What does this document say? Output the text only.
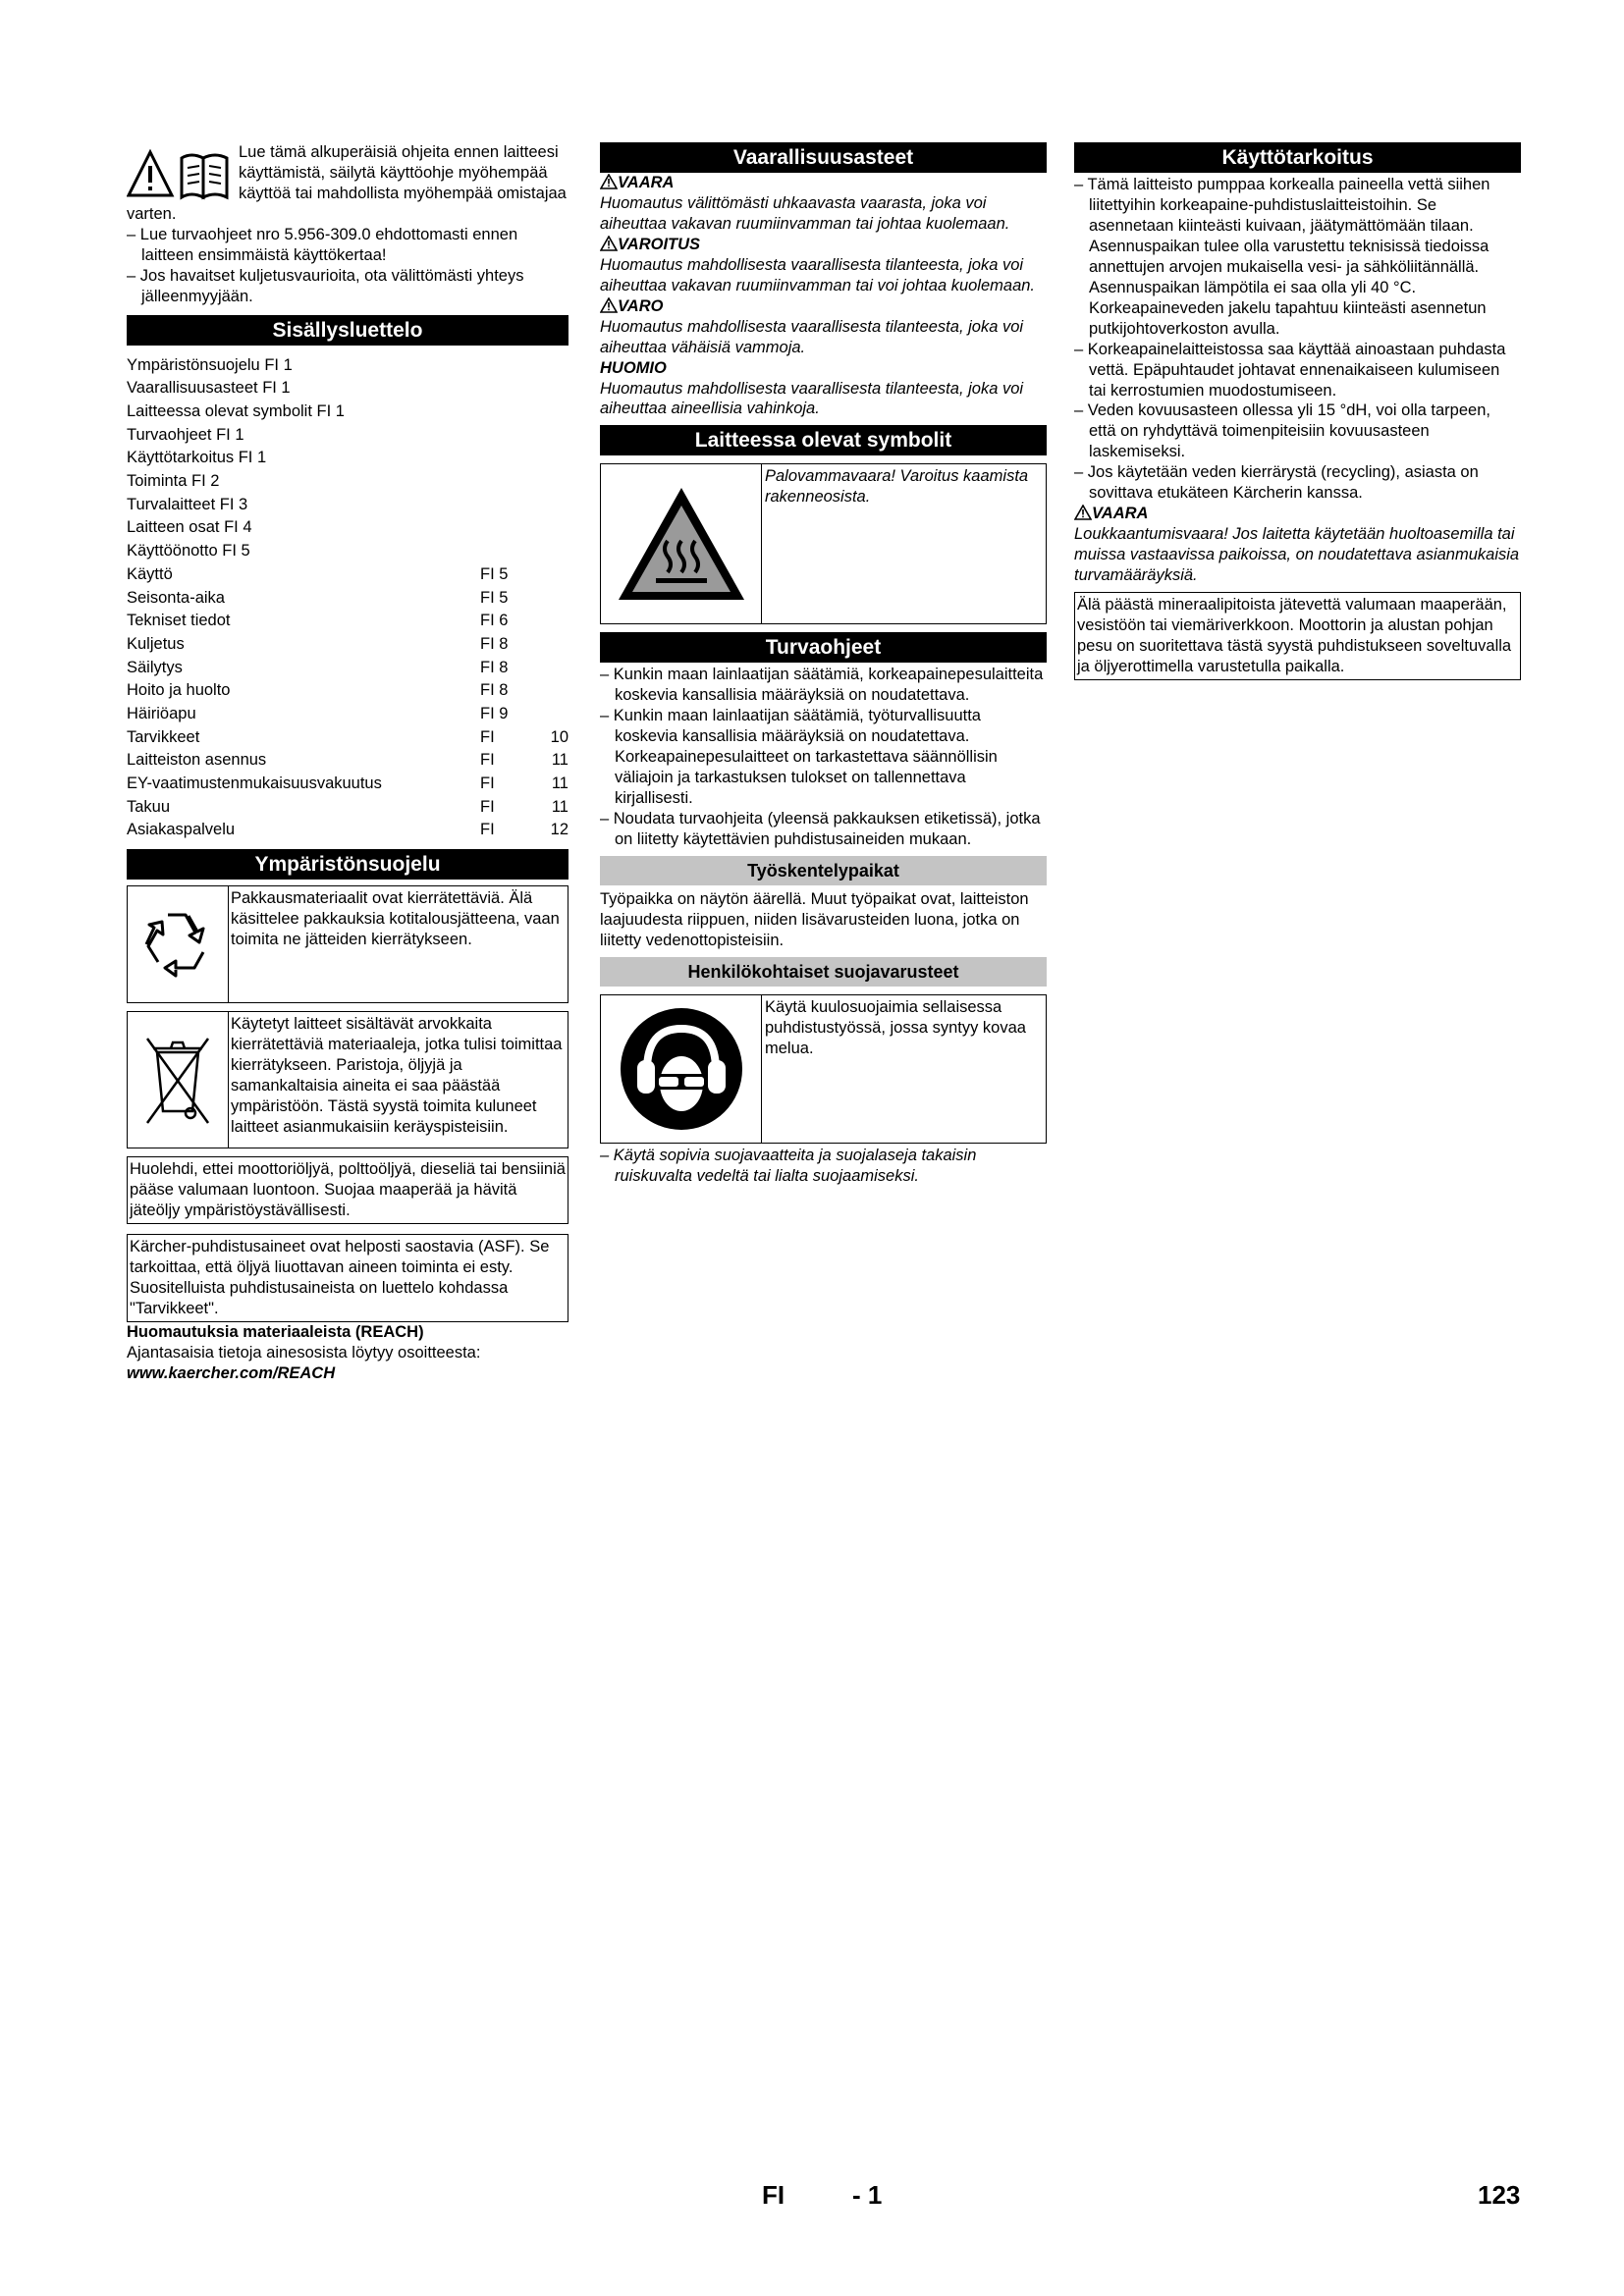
Lue tämä alkuperäisiä ohjeita ennen laitteesi käyttämistä, säilytä käyttöohje myöhempää käyttöä tai mahdollista myöhempää omistajaa varten.

– Lue turvaohjeet nro 5.956-309.0 ehdottomasti ennen laitteen ensimmäistä käyttökertaa!

– Jos havaitset kuljetusvaurioita, ota välittömästi yhteys jälleenmyyjään.

Sisällysluettelo
Ympäristönsuojelu FI 1		
Vaarallisuusasteet FI 1		
Laitteessa olevat symbolit FI 1		
Turvaohjeet FI 1		
Käyttötarkoitus FI 1		
Toiminta FI 2		
Turvalaitteet FI 3		
Laitteen osat FI 4		
Käyttöönotto FI 5		
Käyttö	FI 5	
Seisonta-aika	FI 5	
Tekniset tiedot	FI 6	
Kuljetus	FI 8	
Säilytys	FI 8	
Hoito ja huolto	FI 8	
Häiriöapu	FI 9	
Tarvikkeet	FI	10
Laitteiston asennus	FI	11
EY-vaatimustenmukaisuusvakuutus	FI	11
Takuu	FI	11
Asiakaspalvelu	FI	12
Ympäristönsuojelu
Pakkausmateriaalit ovat kierrätettäviä. Älä käsittelee pakkauksia kotitalousjätteena, vaan toimita ne jätteiden kierrätykseen.
Käytetyt laitteet sisältävät arvokkaita kierrätettäviä materiaaleja, jotka tulisi toimittaa kierrätykseen. Paristoja, öljyjä ja samankaltaisia aineita ei saa päästää ympäristöön. Tästä syystä toimita kuluneet laitteet asianmukaisiin keräyspisteisiin.
Huolehdi, ettei moottoriöljyä, polttoöljyä, dieseliä tai bensiiniä pääse valumaan luontoon. Suojaa maaperää ja hävitä jäteöljy ympäristöystävällisesti.
Kärcher-puhdistusaineet ovat helposti saostavia (ASF). Se tarkoittaa, että öljyä liuottavan aineen toiminta ei esty. Suositelluista puhdistusaineista on luettelo kohdassa "Tarvikkeet".

Huomautuksia materiaaleista (REACH)

Ajantasaisia tietoja ainesosista löytyy osoitteesta:

www.kaercher.com/REACH

Vaarallisuusasteet

VAARA

Huomautus välittömästi uhkaavasta vaarasta, joka voi aiheuttaa vakavan ruumiinvamman tai johtaa kuolemaan.

VAROITUS

Huomautus mahdollisesta vaarallisesta tilanteesta, joka voi aiheuttaa vakavan ruumiinvamman tai voi johtaa kuolemaan.

VARO

Huomautus mahdollisesta vaarallisesta tilanteesta, joka voi aiheuttaa vähäisiä vammoja.

HUOMIO

Huomautus mahdollisesta vaarallisesta tilanteesta, joka voi aiheuttaa aineellisia vahinkoja.

Laitteessa olevat symbolit
Palovammavaara! Varoitus kaamista rakenneosista.
Turvaohjeet

– Kunkin maan lainlaatijan säätämiä, korkeapainepesulaitteita koskevia kansallisia määräyksiä on noudatettava.

– Kunkin maan lainlaatijan säätämiä, työturvallisuutta koskevia kansallisia määräyksiä on noudatettava. Korkeapainepesulaitteet on tarkastettava säännöllisin väliajoin ja tarkastuksen tulokset on tallennettava kirjallisesti.

– Noudata turvaohjeita (yleensä pakkauksen etiketissä), jotka on liitetty käytettävien puhdistusaineiden mukaan.

Työskentelypaikat

Työpaikka on näytön äärellä. Muut työpaikat ovat, laitteiston laajuudesta riippuen, niiden lisävarusteiden luona, jotka on liitetty vedenottopisteisiin.

Henkilökohtaiset suojavarusteet
Käytä kuulosuojaimia sellaisessa puhdistustyössä, jossa syntyy kovaa melua.

– Käytä sopivia suojavaatteita ja suojalaseja takaisin ruiskuvalta vedeltä tai lialta suojaamiseksi.

Käyttötarkoitus

– Tämä laitteisto pumppaa korkealla paineella vettä siihen liitettyihin korkeapaine-puhdistuslaitteistoihin. Se asennetaan kiinteästi kuivaan, jäätymättömään tilaan. Asennuspaikan tulee olla varustettu teknisissä tiedoissa annettujen arvojen mukaisella vesi- ja sähköliitännällä. Asennuspaikan lämpötila ei saa olla yli 40 °C. Korkeapaineveden jakelu tapahtuu kiinteästi asennetun putkijohtoverkoston avulla.

– Korkeapainelaitteistossa saa käyttää ainoastaan puhdasta vettä. Epäpuhtaudet johtavat ennenaikaiseen kulumiseen tai kerrostumien muodostumiseen.

– Veden kovuusasteen ollessa yli 15 °dH, voi olla tarpeen, että on ryhdyttävä toimenpiteisiin kovuusasteen laskemiseksi.

– Jos käytetään veden kierrärystä (recycling), asiasta on sovittava etukäteen Kärcherin kanssa.

VAARA

Loukkaantumisvaara! Jos laitetta käytetään huoltoasemilla tai muissa vastaavissa paikoissa, on noudatettava asianmukaisia turvamääräyksiä.

Älä päästä mineraalipitoista jätevettä valumaan maaperään, vesistöön tai viemäriverkkoon. Moottorin ja alustan pohjan pesu on suoritettava tästä syystä puhdistukseen soveltuvalla ja öljyerottimella varustetulla paikalla.
FI	- 1	123
